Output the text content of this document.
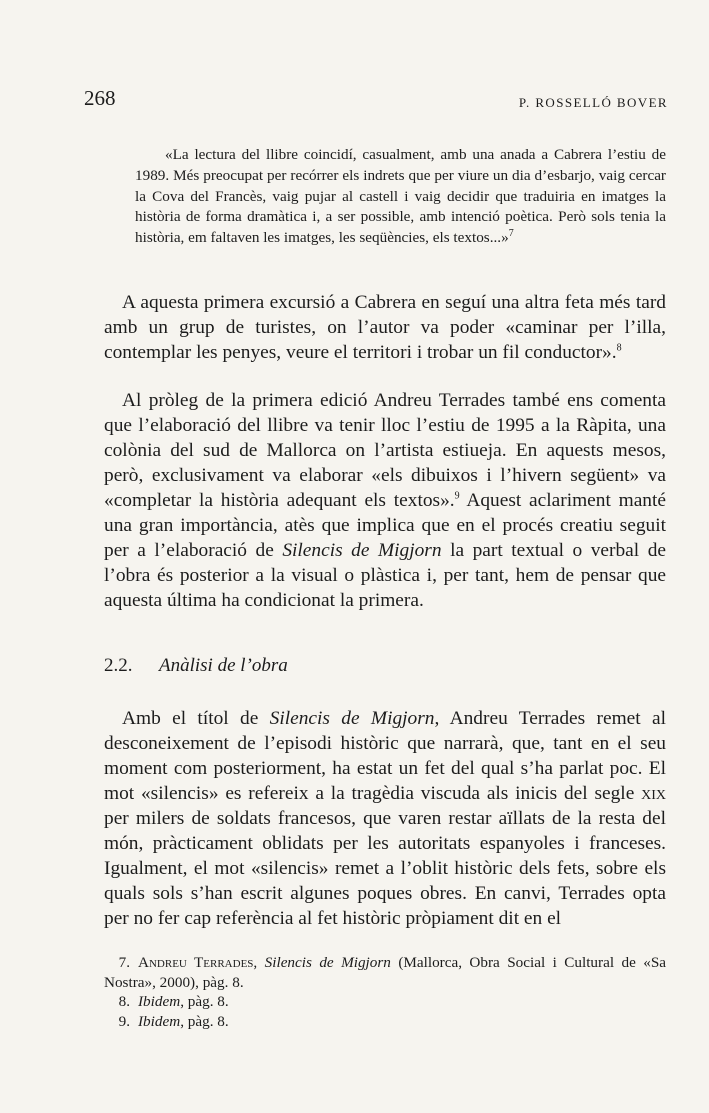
268	P. ROSSELLÓ BOVER

«La lectura del llibre coincidí, casualment, amb una anada a Cabrera l’estiu de 1989. Més preocupat per recórrer els indrets que per viure un dia d’esbarjo, vaig cercar la Cova del Francès, vaig pujar al castell i vaig decidir que traduiria en imatges la història de forma dramàtica i, a ser possible, amb intenció poètica. Però sols tenia la història, em faltaven les imatges, les seqüències, els textos...»$^7$

A aquesta primera excursió a Cabrera en seguí una altra feta més tard amb un grup de turistes, on l’autor va poder «caminar per l’illa, contemplar les penyes, veure el territori i trobar un fil conductor».$^8$

Al pròleg de la primera edició Andreu Terrades també ens comenta que l’elaboració del llibre va tenir lloc l’estiu de 1995 a la Ràpita, una colònia del sud de Mallorca on l’artista estiueja. En aquests mesos, però, exclusivament va elaborar «els dibuixos i l’hivern següent» va «completar la història adequant els textos».$^9$ Aquest aclariment manté una gran importància, atès que implica que en el procés creatiu seguit per a l’elaboració de Silencis de Migjorn la part textual o verbal de l’obra és posterior a la visual o plàstica i, per tant, hem de pensar que aquesta última ha condicionat la primera.

2.2. Anàlisi de l’obra

Amb el títol de Silencis de Migjorn, Andreu Terrades remet al desconeixement de l’episodi històric que narrarà, que, tant en el seu moment com posteriorment, ha estat un fet del qual s’ha parlat poc. El mot «silencis» es refereix a la tragèdia viscuda als inicis del segle xix per milers de soldats francesos, que varen restar aïllats de la resta del món, pràcticament oblidats per les autoritats espanyoles i franceses. Igualment, el mot «silencis» remet a l’oblit històric dels fets, sobre els quals sols s’han escrit algunes poques obres. En canvi, Terrades opta per no fer cap referència al fet històric pròpiament dit en el

7. Andreu Terrades, Silencis de Migjorn (Mallorca, Obra Social i Cultural de «Sa Nostra», 2000), pàg. 8.

8. Ibidem, pàg. 8.

9. Ibidem, pàg. 8.
